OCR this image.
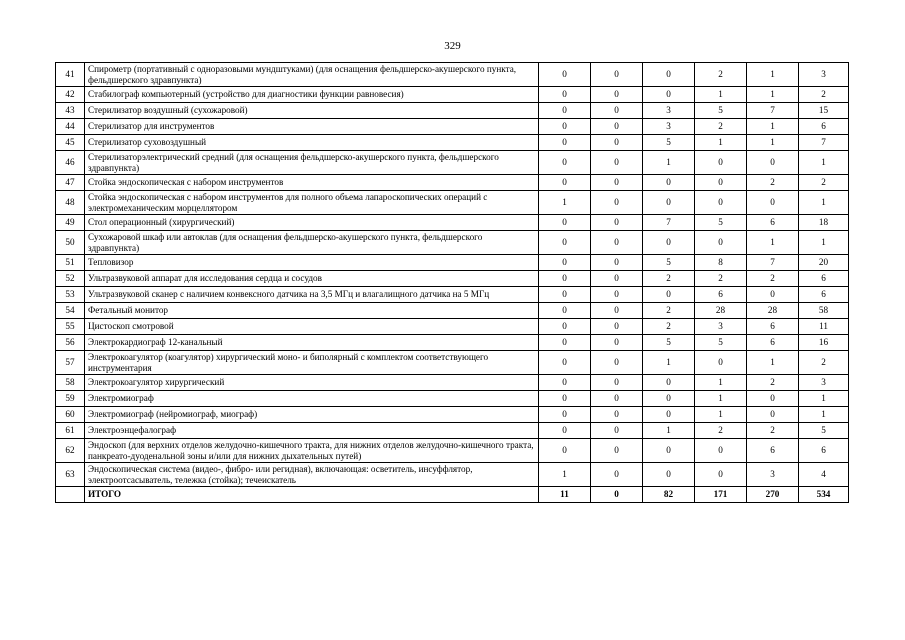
329
41	Спирометр (портативный с одноразовыми мундштуками) (для оснащения фельдшерско-акушерского пункта, фельдшерского здравпункта)	0	0	0	2	1	3
42	Стабилограф компьютерный (устройство для диагностики функции равновесия)	0	0	0	1	1	2
43	Стерилизатор воздушный (сухожаровой)	0	0	3	5	7	15
44	Стерилизатор для инструментов	0	0	3	2	1	6
45	Стерилизатор суховоздушный	0	0	5	1	1	7
46	Стерилизаторэлектрический средний (для оснащения фельдшерско-акушерского пункта, фельдшерского здравпункта)	0	0	1	0	0	1
47	Стойка эндоскопическая с набором инструментов	0	0	0	0	2	2
48	Стойка эндоскопическая с набором инструментов для полного объема лапароскопических операций с электромеханическим морцеллятором	1	0	0	0	0	1
49	Стол операционный (хирургический)	0	0	7	5	6	18
50	Сухожаровой шкаф или автоклав (для оснащения фельдшерско-акушерского пункта, фельдшерского здравпункта)	0	0	0	0	1	1
51	Тепловизор	0	0	5	8	7	20
52	Ультразвуковой аппарат для исследования сердца и сосудов	0	0	2	2	2	6
53	Ультразвуковой сканер с наличием конвексного датчика на 3,5 МГц и влагалищного датчика на 5 МГц	0	0	0	6	0	6
54	Фетальный монитор	0	0	2	28	28	58
55	Цистоскоп смотровой	0	0	2	3	6	11
56	Электрокардиограф 12-канальный	0	0	5	5	6	16
57	Электрокоагулятор (коагулятор) хирургический моно- и биполярный с комплектом соответствующего инструментария	0	0	1	0	1	2
58	Электрокоагулятор хирургический	0	0	0	1	2	3
59	Электромиограф	0	0	0	1	0	1
60	Электромиограф (нейромиограф, миограф)	0	0	0	1	0	1
61	Электроэнцефалограф	0	0	1	2	2	5
62	Эндоскоп (для верхних отделов желудочно-кишечного тракта, для нижних отделов желудочно-кишечного тракта, панкреато-дуоденальной зоны и/или для нижних дыхательных путей)	0	0	0	0	6	6
63	Эндоскопическая система (видео-, фибро- или регидная), включающая: осветитель, инсуффлятор, электроотсасыватель, тележка (стойка); течеискатель	1	0	0	0	3	4
	ИТОГО	11	0	82	171	270	534
